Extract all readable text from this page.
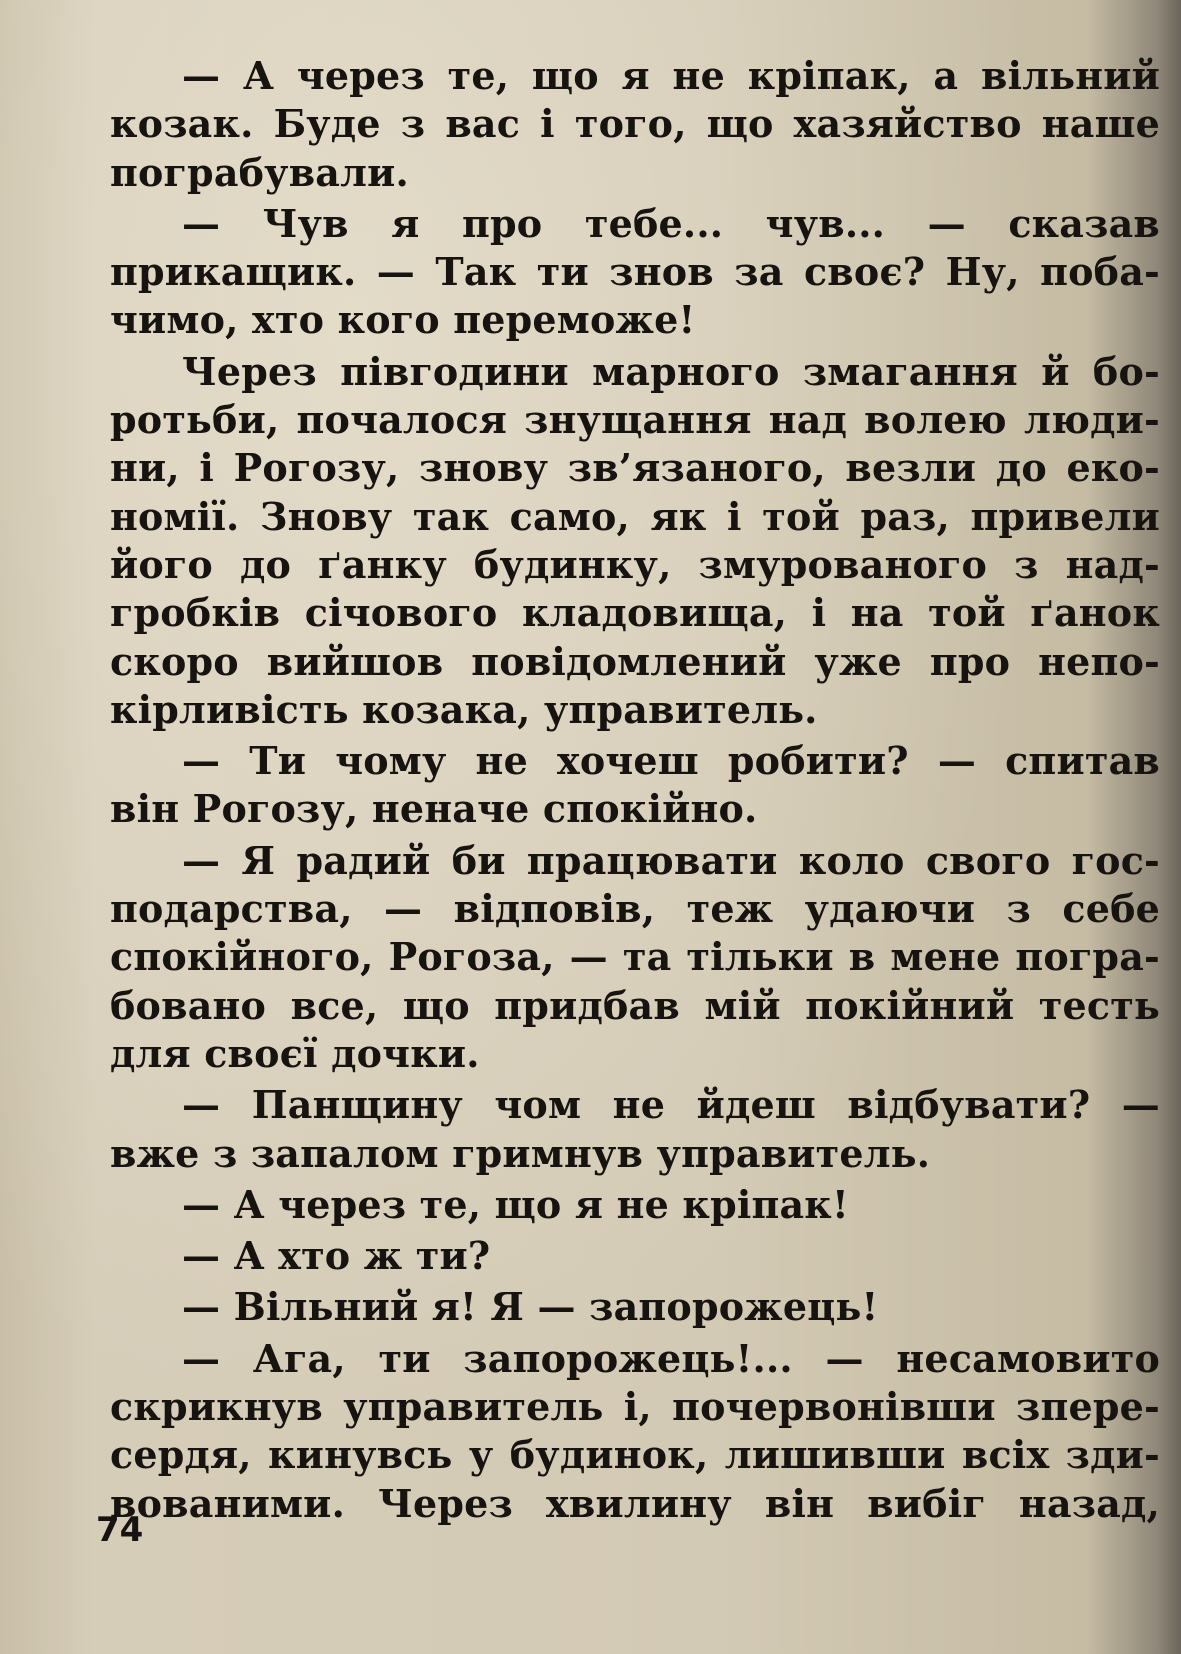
— А через те, що я не кріпак, а вільний
козак. Буде з вас і того, що хазяйство наше
пограбували.
— Чув я про тебе... чув... — сказав
прикащик. — Так ти знов за своє? Ну, поба-
чимо, хто кого переможе!
Через півгодини марного змагання й бо-
ротьби, почалося знущання над волею люди-
ни, і Рогозу, знову зв’язаного, везли до еко-
номії. Знову так само, як і той раз, привели
його до ґанку будинку, змурованого з над-
гробків січового кладовища, і на той ґанок
скоро вийшов повідомлений уже про непо-
кірливість козака, управитель.
— Ти чому не хочеш робити? — спитав
він Рогозу, неначе спокійно.
— Я радий би працювати коло свого гос-
подарства, — відповів, теж удаючи з себе
спокійного, Рогоза, — та тільки в мене погра-
бовано все, що придбав мій покійний тесть
для своєї дочки.
— Панщину чом не йдеш відбувати? —
вже з запалом гримнув управитель.
— А через те, що я не кріпак!
— А хто ж ти?
— Вільний я! Я — запорожець!
— Ага, ти запорожець!... — несамовито
скрикнув управитель і, почервонівши зпере-
сердя, кинувсь у будинок, лишивши всіх зди-
вованими. Через хвилину він вибіг назад,
74
